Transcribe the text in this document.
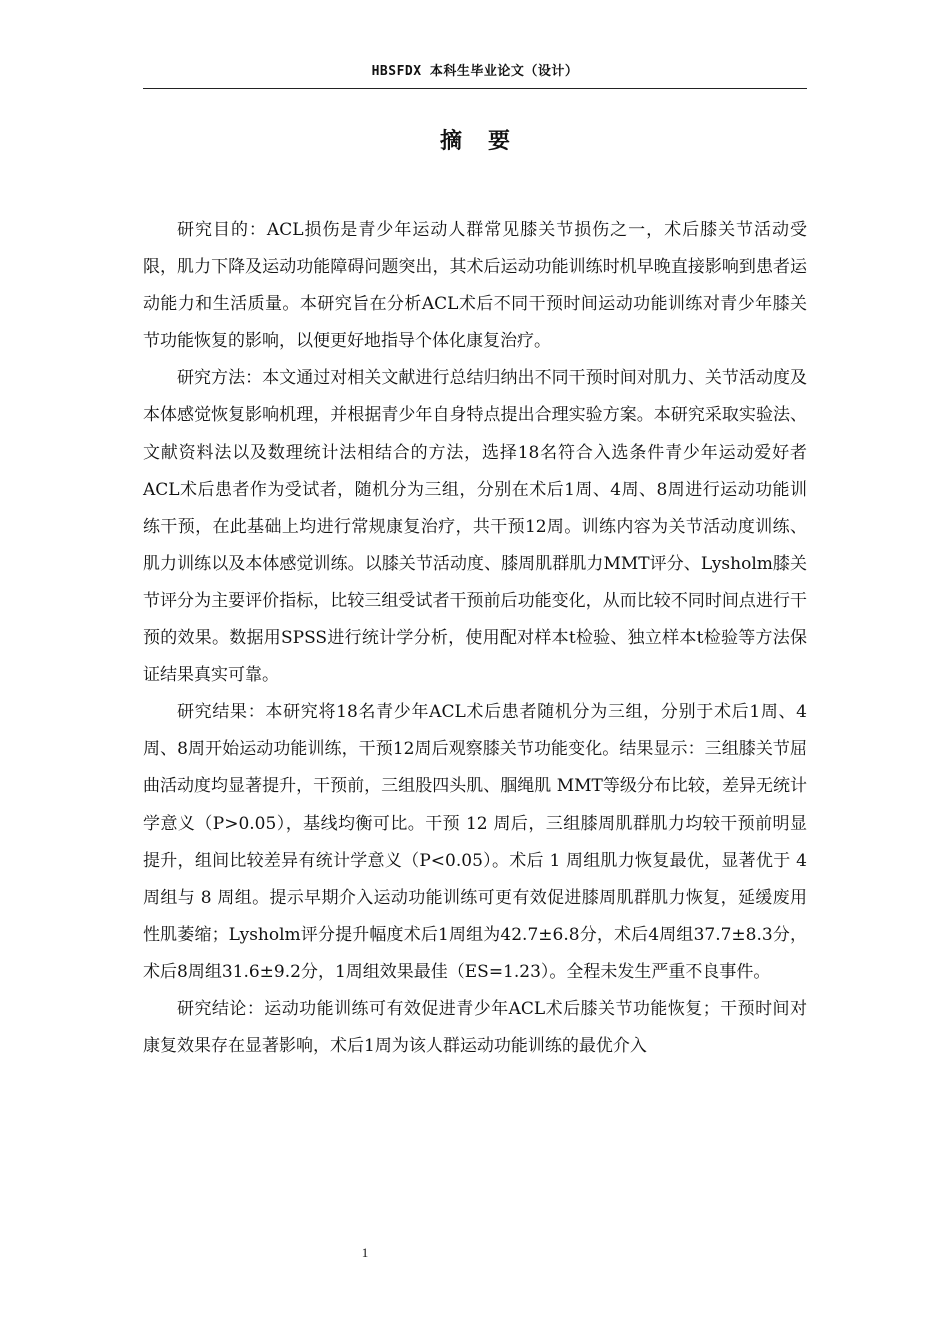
HBSFDX 本科生毕业论文（设计）
摘要

研究目的：ACL损伤是青少年运动人群常见膝关节损伤之一，术后膝关节活动受限，肌力下降及运动功能障碍问题突出，其术后运动功能训练时机早晚直接影响到患者运动能力和生活质量。本研究旨在分析ACL术后不同干预时间运动功能训练对青少年膝关节功能恢复的影响，以便更好地指导个体化康复治疗。

研究方法：本文通过对相关文献进行总结归纳出不同干预时间对肌力、关节活动度及本体感觉恢复影响机理，并根据青少年自身特点提出合理实验方案。本研究采取实验法、文献资料法以及数理统计法相结合的方法，选择18名符合入选条件青少年运动爱好者ACL术后患者作为受试者，随机分为三组，分别在术后1周、4周、8周进行运动功能训练干预，在此基础上均进行常规康复治疗，共干预12周。训练内容为关节活动度训练、肌力训练以及本体感觉训练。以膝关节活动度、膝周肌群肌力MMT评分、Lysholm膝关节评分为主要评价指标，比较三组受试者干预前后功能变化，从而比较不同时间点进行干预的效果。数据用SPSS进行统计学分析，使用配对样本t检验、独立样本t检验等方法保证结果真实可靠。

研究结果：本研究将18名青少年ACL术后患者随机分为三组，分别于术后1周、4周、8周开始运动功能训练，干预12周后观察膝关节功能变化。结果显示：三组膝关节屈曲活动度均显著提升，干预前，三组股四头肌、腘绳肌 MMT等级分布比较，差异无统计学意义（P>0.05），基线均衡可比。干预 12 周后，三组膝周肌群肌力均较干预前明显提升，组间比较差异有统计学意义（P<0.05）。术后 1 周组肌力恢复最优，显著优于 4 周组与 8 周组。提示早期介入运动功能训练可更有效促进膝周肌群肌力恢复，延缓废用性肌萎缩；Lysholm评分提升幅度术后1周组为42.7±6.8分，术后4周组37.7±8.3分，术后8周组31.6±9.2分，1周组效果最佳（ES=1.23）。全程未发生严重不良事件。

研究结论：运动功能训练可有效促进青少年ACL术后膝关节功能恢复；干预时间对康复效果存在显著影响，术后1周为该人群运动功能训练的最优介入

1
